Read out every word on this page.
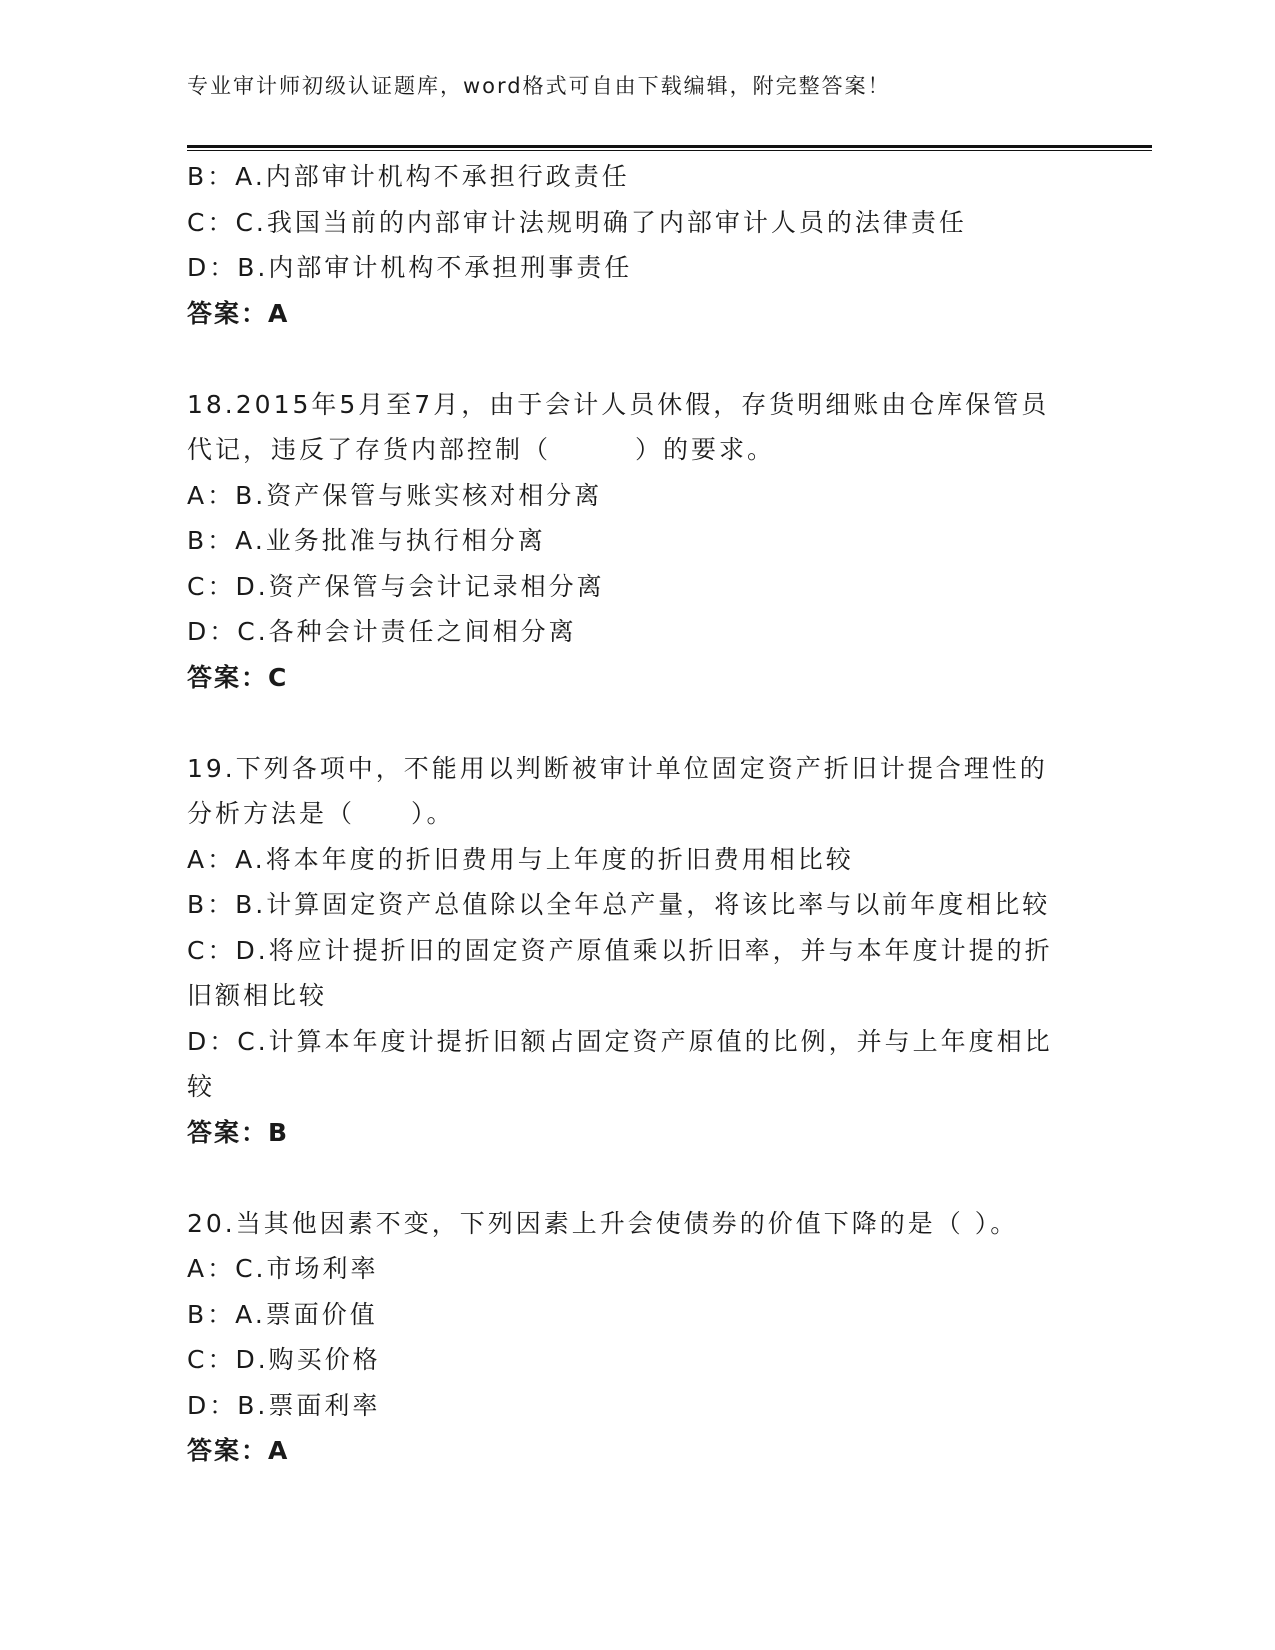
专业审计师初级认证题库，word格式可自由下载编辑，附完整答案！
B：A.内部审计机构不承担行政责任
C：C.我国当前的内部审计法规明确了内部审计人员的法律责任
D：B.内部审计机构不承担刑事责任
答案：A
18.2015年5月至7月，由于会计人员休假，存货明细账由仓库保管员
代记，违反了存货内部控制（　　　）的要求。
A：B.资产保管与账实核对相分离
B：A.业务批准与执行相分离
C：D.资产保管与会计记录相分离
D：C.各种会计责任之间相分离
答案：C
19.下列各项中，不能用以判断被审计单位固定资产折旧计提合理性的
分析方法是（　　）。
A：A.将本年度的折旧费用与上年度的折旧费用相比较
B：B.计算固定资产总值除以全年总产量，将该比率与以前年度相比较
C：D.将应计提折旧的固定资产原值乘以折旧率，并与本年度计提的折
旧额相比较
D：C.计算本年度计提折旧额占固定资产原值的比例，并与上年度相比
较
答案：B
20.当其他因素不变，下列因素上升会使债券的价值下降的是（ ）。
A：C.市场利率
B：A.票面价值
C：D.购买价格
D：B.票面利率
答案：A
